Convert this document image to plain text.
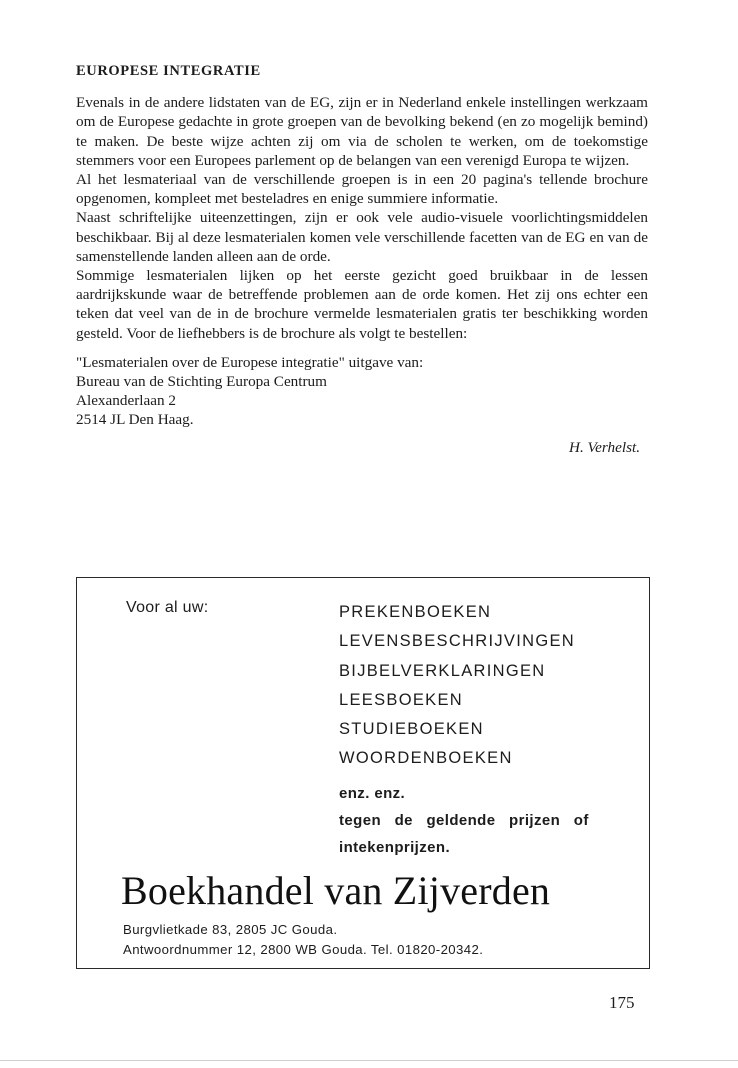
EUROPESE INTEGRATIE

Evenals in de andere lidstaten van de EG, zijn er in Nederland enkele instellingen werkzaam om de Europese gedachte in grote groepen van de bevolking bekend (en zo mogelijk bemind) te maken. De beste wijze achten zij om via de scholen te werken, om de toekomstige stemmers voor een Europees parlement op de belangen van een verenigd Europa te wijzen.

Al het lesmateriaal van de verschillende groepen is in een 20 pagina's tellende brochure opgenomen, kompleet met besteladres en enige summiere informatie.

Naast schriftelijke uiteenzettingen, zijn er ook vele audio-visuele voorlichtingsmiddelen beschikbaar. Bij al deze lesmaterialen komen vele verschillende facetten van de EG en van de samenstellende landen alleen aan de orde.

Sommige lesmaterialen lijken op het eerste gezicht goed bruikbaar in de lessen aardrijkskunde waar de betreffende problemen aan de orde komen. Het zij ons echter een teken dat veel van de in de brochure vermelde lesmaterialen gratis ter beschikking worden gesteld. Voor de liefhebbers is de brochure als volgt te bestellen:

"Lesmaterialen over de Europese integratie" uitgave van:
Bureau van de Stichting Europa Centrum
Alexanderlaan 2
2514 JL Den Haag.
H. Verhelst.
Voor al uw:	PREKENBOEKEN
LEVENSBESCHRIJVINGEN
BIJBELVERKLARINGEN
LEESBOEKEN
STUDIEBOEKEN
WOORDENBOEKEN
enz. enz.
tegen de geldende prijzen of
intekenprijzen.
Boekhandel van Zijverden
Burgvlietkade 83, 2805 JC Gouda.
Antwoordnummer 12, 2800 WB Gouda. Tel. 01820-20342.
175
